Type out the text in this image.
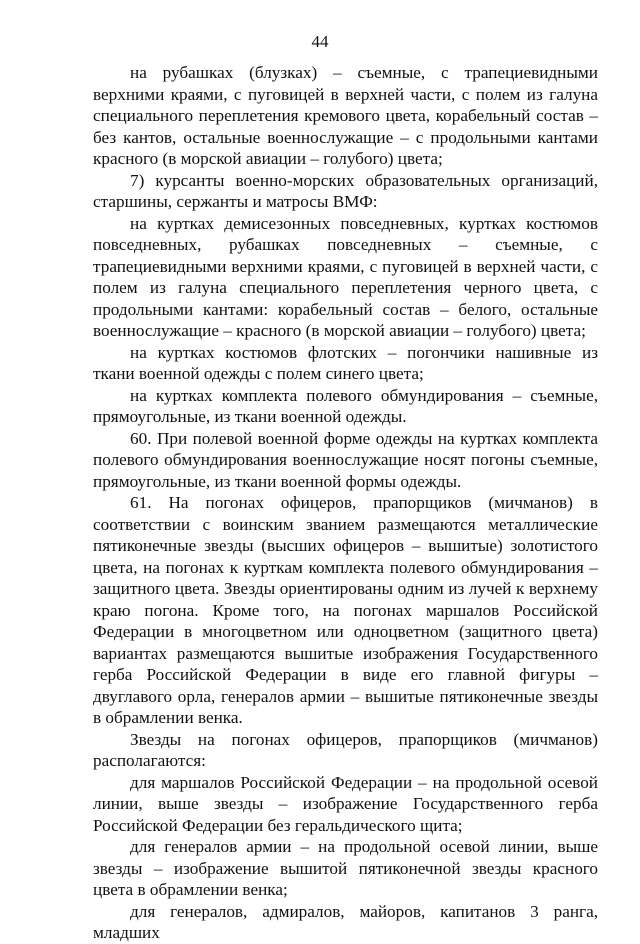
44

на рубашках (блузках) – съемные, с трапециевидными верхними краями, с пуговицей в верхней части, с полем из галуна специального переплетения кремового цвета, корабельный состав – без кантов, остальные военнослужащие – с продольными кантами красного (в морской авиации – голубого) цвета;

7) курсанты военно-морских образовательных организаций, старшины, сержанты и матросы ВМФ:

на куртках демисезонных повседневных, куртках костюмов повседневных, рубашках повседневных – съемные, с трапециевидными верхними краями, с пуговицей в верхней части, с полем из галуна специального переплетения черного цвета, с продольными кантами: корабельный состав – белого, остальные военнослужащие – красного (в морской авиации – голубого) цвета;

на куртках костюмов флотских – погончики нашивные из ткани военной одежды с полем синего цвета;

на куртках комплекта полевого обмундирования – съемные, прямоугольные, из ткани военной одежды.

60. При полевой военной форме одежды на куртках комплекта полевого обмундирования военнослужащие носят погоны съемные, прямоугольные, из ткани военной формы одежды.

61. На погонах офицеров, прапорщиков (мичманов) в соответствии с воинским званием размещаются металлические пятиконечные звезды (высших офицеров – вышитые) золотистого цвета, на погонах к курткам комплекта полевого обмундирования – защитного цвета. Звезды ориентированы одним из лучей к верхнему краю погона. Кроме того, на погонах маршалов Российской Федерации в многоцветном или одноцветном (защитного цвета) вариантах размещаются вышитые изображения Государственного герба Российской Федерации в виде его главной фигуры – двуглавого орла, генералов армии – вышитые пятиконечные звезды в обрамлении венка.

Звезды на погонах офицеров, прапорщиков (мичманов) располагаются:

для маршалов Российской Федерации – на продольной осевой линии, выше звезды – изображение Государственного герба Российской Федерации без геральдического щита;

для генералов армии – на продольной осевой линии, выше звезды – изображение вышитой пятиконечной звезды красного цвета в обрамлении венка;

для генералов, адмиралов, майоров, капитанов 3 ранга, младших
